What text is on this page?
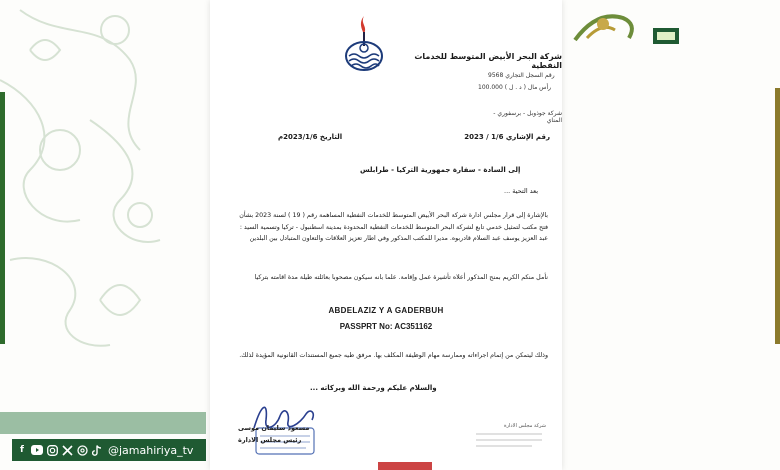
شركة البحر الأبيض المتوسط للخدمات النفطية
رقم السجل التجاري 9568
رأس مال ( د . ل ) 100.000
شركة جوذوبل - برسفوري - المناي
رقم الإشاري 1/6 / 2023
التاريخ 2023/1/6م
إلى السادة - سفارة جمهورية التركيا - طرابلس
بعد التحية ...
بالإشارة إلى قرار مجلس ادارة شركة البحر الأبيض المتوسط للخدمات النفطية المساهمة رقم ( 19 ) لسنة 2023 بشأن فتح مكتب لتمثيل خدمي تابع لشركة البحر المتوسط للخدمات النفطية المحدودة بمدينة اسطنبول - تركيا وتسمية السيد : عبد العزيز يوسف عبد السلام قادربوه. مديرا للمكتب المذكور وفي اطار تعزيز العلاقات والتعاون المتبادل بين البلدين
نأمل منكم الكريم بمنح المذكور أعلاه تأشيرة عمل وإقامة. علما بانه سيكون مصحوبا بعائلته طيلة مدة اقامته بتركيا
ABDELAZIZ Y A GADERBUH
PASSPRT No: AC351162
وذلك ليتمكن من إتمام اجراءاته وممارسة مهام الوظيفة المكلف بها. مرفق طيه جميع المستندات القانونية المؤيدة لذلك.
والسلام عليكم ورحمة الله وبركاته ...
مسعود سليمان موسى
رئيس مجلس الادارة
شركة مجلس الادارة
f	@jamahiriya_tv
